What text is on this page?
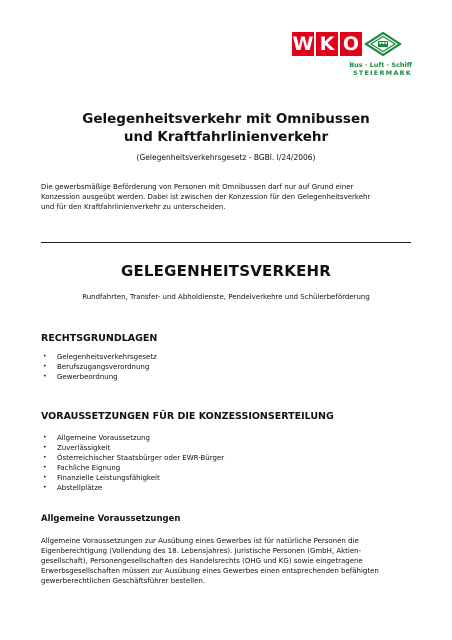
W K O
Bus · Luft · Schiff
STEIERMARK
Gelegenheitsverkehr mit Omnibussen
und Kraftfahrlinienverkehr
(Gelegenheitsverkehrsgesetz - BGBl. I/24/2006)
Die gewerbsmäßige Beförderung von Personen mit Omnibussen darf nur auf Grund einer
Konzession ausgeübt werden. Dabei ist zwischen der Konzession für den Gelegenheitsverkehr
und für den Kraftfahrlinienverkehr zu unterscheiden.
GELEGENHEITSVERKEHR
Rundfahrten, Transfer- und Abholdienste, Pendelverkehre und Schülerbeförderung
RECHTSGRUNDLAGEN
•	Gelegenheitsverkehrsgesetz
•	Berufszugangsverordnung
•	Gewerbeordnung
VORAUSSETZUNGEN FÜR DIE KONZESSIONSERTEILUNG
•	Allgemeine Voraussetzung
•	Zuverlässigkeit
•	Österreichischer Staatsbürger oder EWR-Bürger
•	Fachliche Eignung
•	Finanzielle Leistungsfähigkeit
•	Abstellplätze
Allgemeine Voraussetzungen
Allgemeine Voraussetzungen zur Ausübung eines Gewerbes ist für natürliche Personen die
Eigenberechtigung (Vollendung des 18. Lebensjahres). Juristische Personen (GmbH, Aktien-
gesellschaft), Personengesellschaften des Handelsrechts (OHG und KG) sowie eingetragene
Erwerbsgesellschaften müssen zur Ausübung eines Gewerbes einen entsprechenden befähigten
gewerberechtlichen Geschäftsführer bestellen.
